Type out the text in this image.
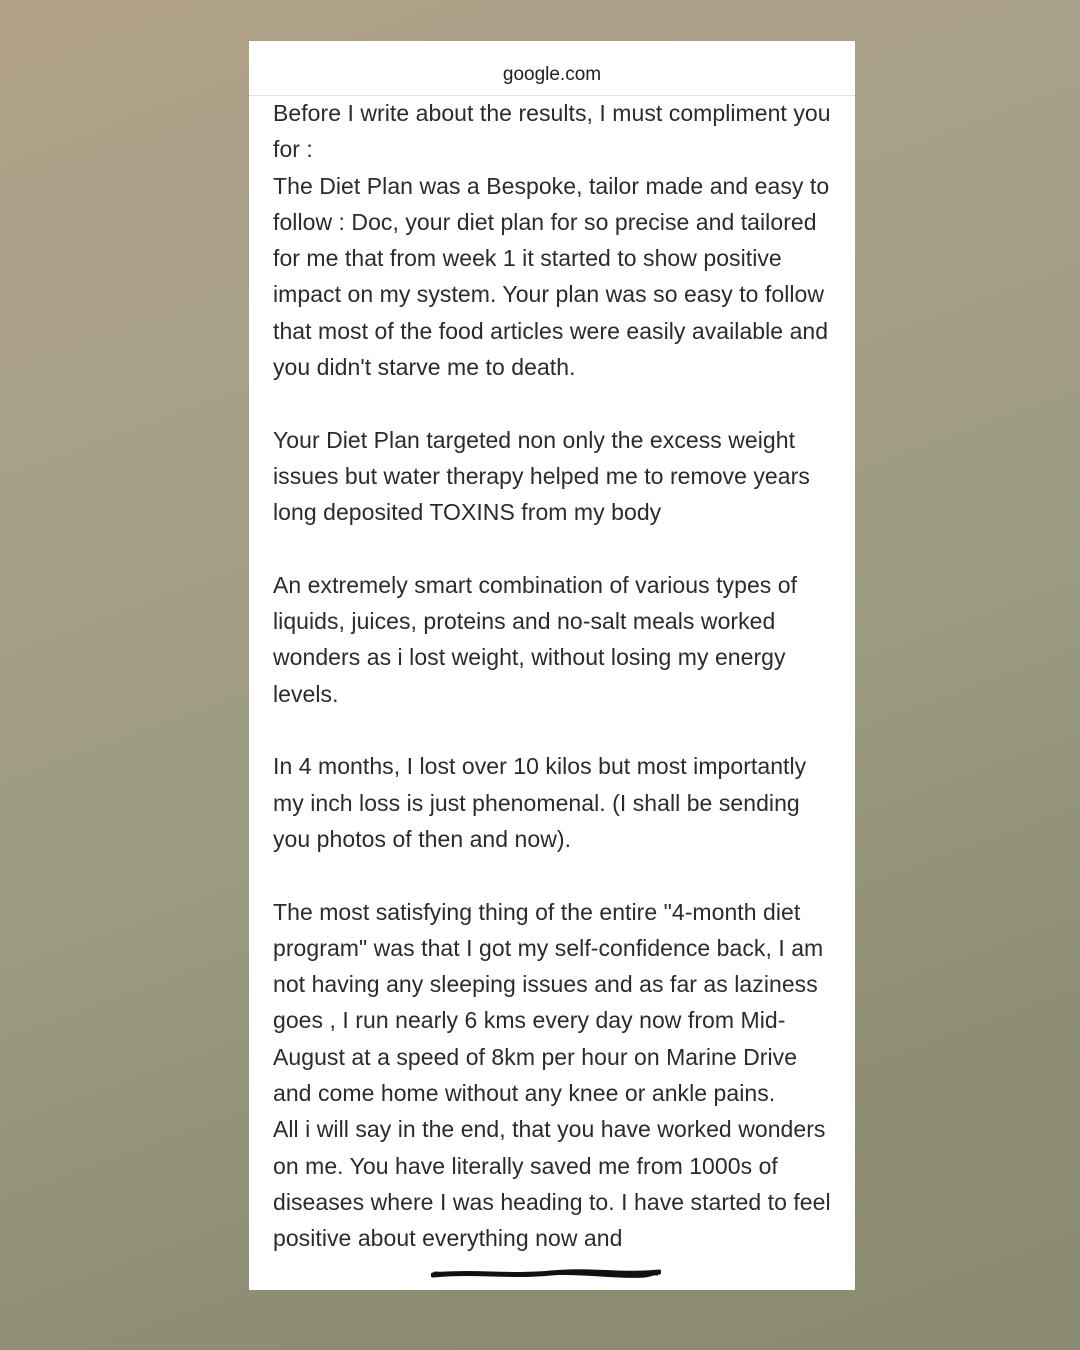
google.com

Before I write about the results, I must compliment you for :

The Diet Plan was a Bespoke, tailor made and easy to follow : Doc, your diet plan for so precise and tailored for me that from week 1 it started to show positive impact on my system. Your plan was so easy to follow that most of the food articles were easily available and you didn't starve me to death.

Your Diet Plan targeted non only the excess weight issues but water therapy helped me to remove years long deposited TOXINS from my body

An extremely smart combination of various types of liquids, juices, proteins and no-salt meals worked wonders as i lost weight, without losing my energy levels.

In 4 months, I lost over 10 kilos but most importantly my inch loss is just phenomenal. (I shall be sending you photos of then and now).

The most satisfying thing of the entire "4-month diet program" was that I got my self-confidence back, I am not having any sleeping issues and as far as laziness goes , I run nearly 6 kms every day now from Mid-August at a speed of 8km per hour on Marine Drive and come home without any knee or ankle pains.

All i will say in the end, that you have worked wonders on me. You have literally saved me from 1000s of diseases where I was heading to. I have started to feel positive about everything now and
